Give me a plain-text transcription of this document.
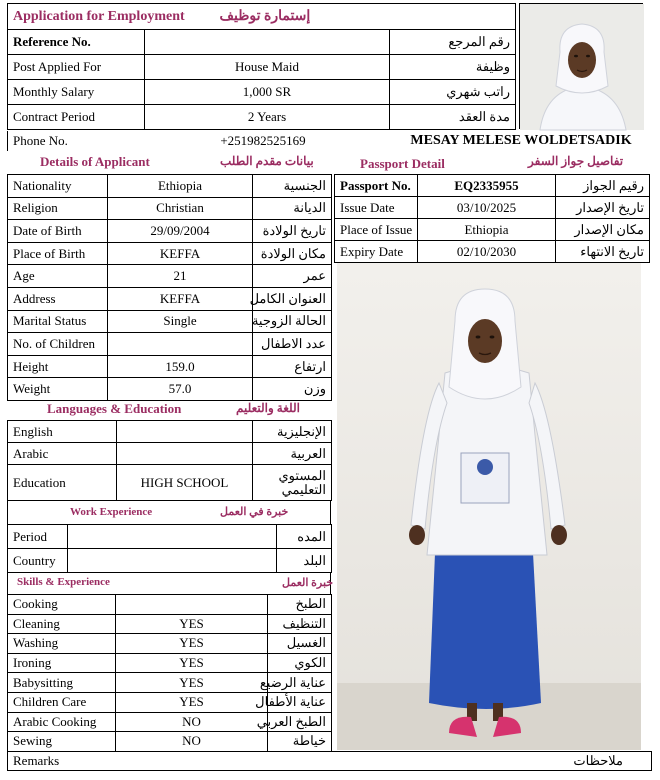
Application for Employment	إستمارة توظيف	
Reference No.		رقم المرجع
Post Applied For	House Maid	وظيفة
Monthly Salary	1,000 SR	راتب شهري
Contract Period	2 Years	مدة العقد
Phone No.	+251982525169	MESAY MELESE WOLDETSADIK
Details of Applicant	بيانات مقدم الطلب
Nationality	Ethiopia	الجنسية
Religion	Christian	الديانة
Date of Birth	29/09/2004	تاريخ الولادة
Place of Birth	KEFFA	مكان الولادة
Age	21	عمر
Address	KEFFA	العنوان الكامل
Marital Status	Single	الحالة الزوجية
No. of Children		عدد الاطفال
Height	159.0	ارتفاع
Weight	57.0	وزن
Passport Detail	تفاصيل جواز السفر
Passport No.	EQ2335955	رقيم الجواز
Issue Date	03/10/2025	تاريخ الإصدار
Place of Issue	Ethiopia	مكان الإصدار
Expiry Date	02/10/2030	تاريخ الانتهاء
Languages & Education	اللغة والتعليم
English		الإنجليزية
Arabic		العربية
Education	HIGH SCHOOL	المستوي التعليمي
Work Experience	خبرة في العمل
Period		المده
Country		البلد
Skills & Experience	خبرة العمل
Cooking		الطبخ
Cleaning	YES	التنظيف
Washing	YES	الغسيل
Ironing	YES	الكوي
Babysitting	YES	عناية الرضيع
Children Care	YES	عناية الأطفال
Arabic Cooking	NO	الطبخ العربي
Sewing	NO	خياطة
Remarks	ملاحظات
